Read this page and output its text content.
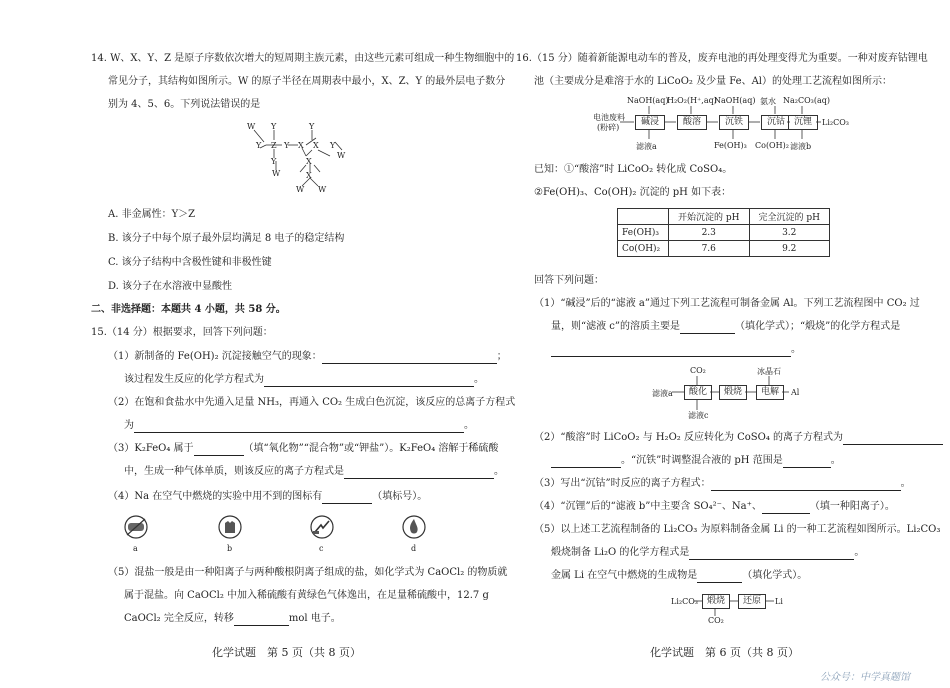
14. W、X、Y、Z 是原子序数依次增大的短周期主族元素，由这些元素可组成一种生物细胞中的
常见分子，其结构如图所示。W 的原子半径在周期表中最小，X、Z、Y 的最外层电子数分
别为 4、5、6。下列说法错误的是
W Y	Y
Y Z Y X X Y
Y
W
X
W	X
W W
A. 非金属性：Y＞Z
B. 该分子中每个原子最外层均满足 8 电子的稳定结构
C. 该分子结构中含极性键和非极性键
D. 该分子在水溶液中显酸性
二、非选择题：本题共 4 小题，共 58 分。
15.（14 分）根据要求，回答下列问题：
（1）新制备的 Fe(OH)₂ 沉淀接触空气的现象：	；
该过程发生反应的化学方程式为	。
（2）在饱和食盐水中先通入足量 NH₃，再通入 CO₂ 生成白色沉淀，该反应的总离子方程式
为	。
（3）K₂FeO₄ 属于	（填“氧化物”“混合物”或“钾盐”）。K₂FeO₄ 溶解于稀硫酸
中，生成一种气体单质，则该反应的离子方程式是	。
（4）Na 在空气中燃烧的实验中用不到的图标有	（填标号）。
a	b	c	d
（5）混盐一般是由一种阳离子与两种酸根阴离子组成的盐，如化学式为 CaOCl₂ 的物质就
属于混盐。向 CaOCl₂ 中加入稀硫酸有黄绿色气体逸出，在足量稀硫酸中，12.7 g
CaOCl₂ 完全反应，转移	mol 电子。
化学试题　第 5 页（共 8 页）
16.（15 分）随着新能源电动车的普及，废弃电池的再处理变得尤为重要。一种对废弃钴锂电
池（主要成分是难溶于水的 LiCoO₂ 及少量 Fe、Al）的处理工艺流程如图所示：
NaOH(aq)
H₂O₂(H⁺,aq)
NaOH(aq) 氨水 Na₂CO₃(aq)
电池废料
(粉碎)
碱浸	酸溶	沉铁	沉钴 沉锂	Li₂CO₃
滤液a	Fe(OH)₃ Co(OH)₂ 滤液b
已知：①“酸溶”时 LiCoO₂ 转化成 CoSO₄。
②Fe(OH)₃、Co(OH)₂ 沉淀的 pH 如下表：
	开始沉淀的 pH	完全沉淀的 pH
Fe(OH)₃	2.3	3.2
Co(OH)₂	7.6	9.2
回答下列问题：
（1）“碱浸”后的“滤液 a”通过下列工艺流程可制备金属 Al。下列工艺流程图中 CO₂ 过
量，则“滤液 c”的溶质主要是	（填化学式）；“煅烧”的化学方程式是
。
CO₂	冰晶石
滤液a	酸化	煅烧	电解	Al
滤液c
（2）“酸溶”时 LiCoO₂ 与 H₂O₂ 反应转化为 CoSO₄ 的离子方程式为
。“沉铁”时调整混合液的 pH 范围是	。
（3）写出“沉钴”时反应的离子方程式：	。
（4）“沉锂”后的“滤液 b”中主要含 SO₄²⁻、Na⁺、	（填一种阳离子）。
（5）以上述工艺流程制备的 Li₂CO₃ 为原料制备金属 Li 的一种工艺流程如图所示。Li₂CO₃
煅烧制备 Li₂O 的化学方程式是	。
金属 Li 在空气中燃烧的生成物是	（填化学式）。
Li₂CO₃	煅烧	还原	Li
CO₂
化学试题　第 6 页（共 8 页）
公众号：中学真题馆
